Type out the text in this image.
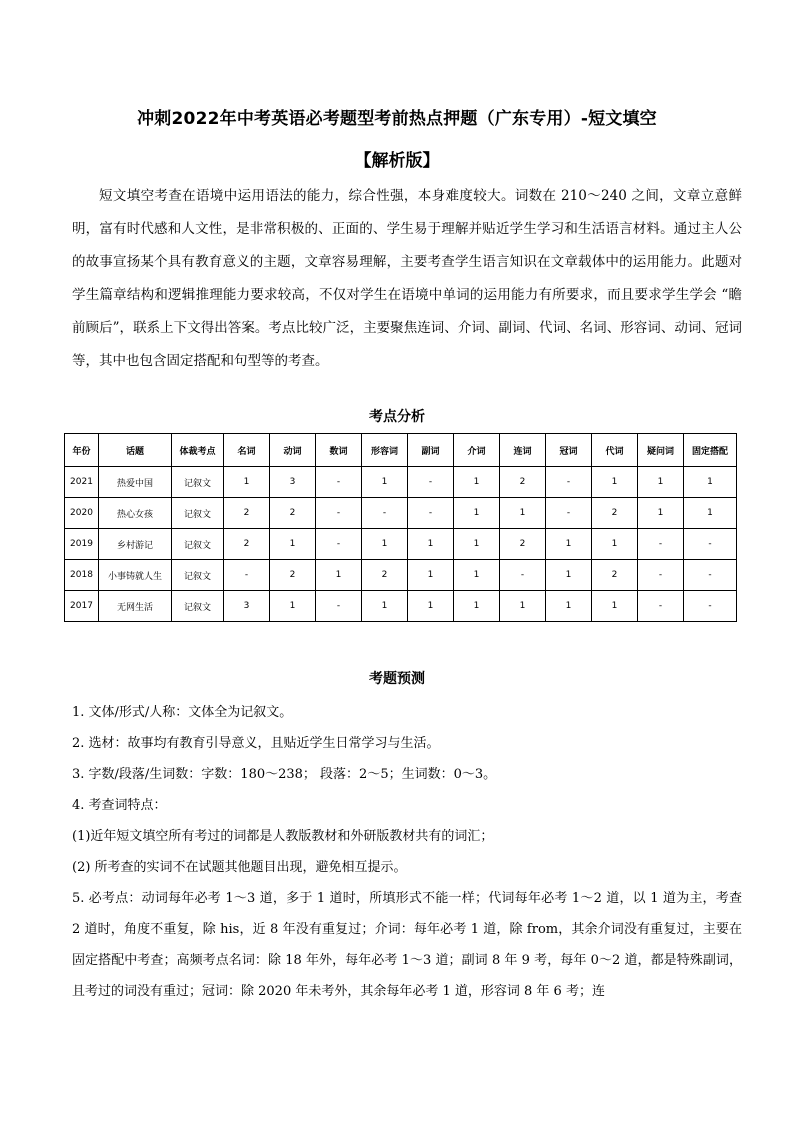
冲刺2022年中考英语必考题型考前热点押题（广东专用）-短文填空
【解析版】

短文填空考查在语境中运用语法的能力，综合性强，本身难度较大。词数在 210～240 之间，文章立意鲜明，富有时代感和人文性，是非常积极的、正面的、学生易于理解并贴近学生学习和生活语言材料。通过主人公的故事宣扬某个具有教育意义的主题，文章容易理解，主要考查学生语言知识在文章载体中的运用能力。此题对学生篇章结构和逻辑推理能力要求较高，不仅对学生在语境中单词的运用能力有所要求，而且要求学生学会 “瞻前顾后”，联系上下文得出答案。考点比较广泛，主要聚焦连词、介词、副词、代词、名词、形容词、动词、冠词等，其中也包含固定搭配和句型等的考查。

考点分析
年份	话题	体裁考点	名词	动词	数词	形容词	副词	介词	连词	冠词	代词	疑问词	固定搭配
2021	热爱中国	记叙文	1	3	-	1	-	1	2	-	1	1	1
2020	热心女孩	记叙文	2	2	-	-	-	1	1	-	2	1	1
2019	乡村游记	记叙文	2	1	-	1	1	1	2	1	1	-	-
2018	小事铸就人生	记叙文	-	2	1	2	1	1	-	1	2	-	-
2017	无网生活	记叙文	3	1	-	1	1	1	1	1	1	-	-
考题预测

1. 文体/形式/人称：文体全为记叙文。

2. 选材：故事均有教育引导意义，且贴近学生日常学习与生活。

3. 字数/段落/生词数：字数：180～238； 段落：2～5；生词数：0～3。

4. 考查词特点：

(1)近年短文填空所有考过的词都是人教版教材和外研版教材共有的词汇；

(2) 所考查的实词不在试题其他题目出现，避免相互提示。

5. 必考点：动词每年必考 1～3 道，多于 1 道时，所填形式不能一样；代词每年必考 1～2 道，以 1 道为主，考查 2 道时，角度不重复，除 his，近 8 年没有重复过；介词：每年必考 1 道，除 from，其余介词没有重复过，主要在固定搭配中考查；高频考点名词：除 18 年外，每年必考 1～3 道；副词 8 年 9 考，每年 0～2 道，都是特殊副词，且考过的词没有重过；冠词：除 2020 年未考外，其余每年必考 1 道，形容词 8 年 6 考；连
